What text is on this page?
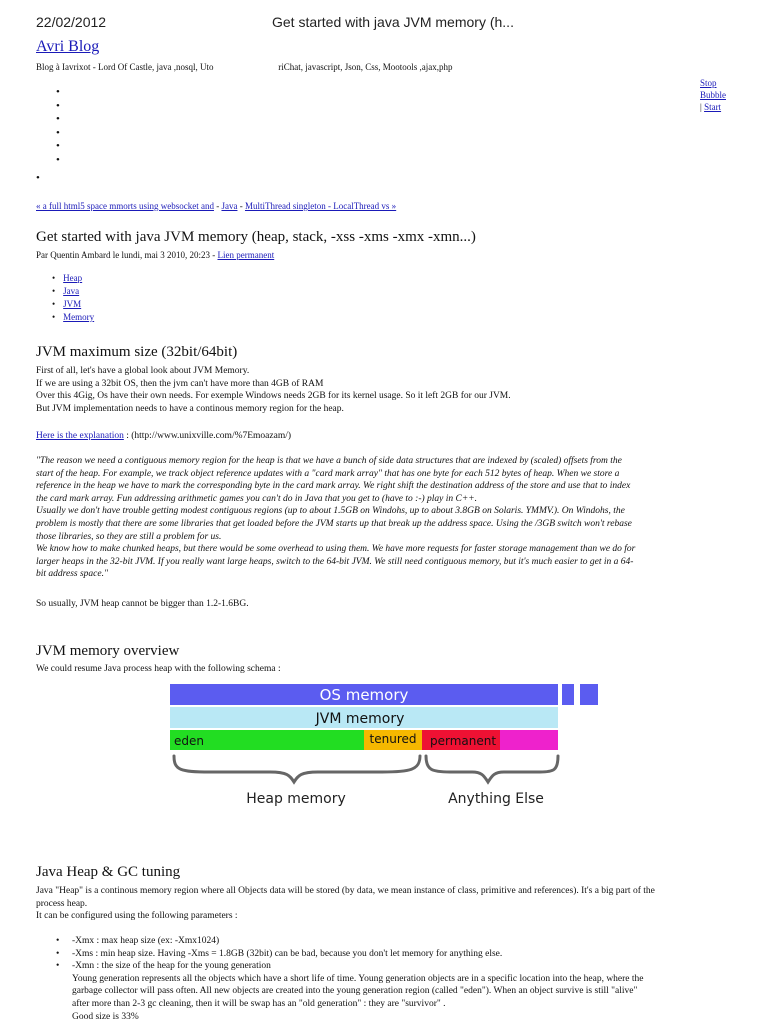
22/02/2012	Get started with java JVM memory (h...
Avri Blog
Blog à Iavrixot - Lord Of Castle, java ,nosql, Uto	riChat, javascript, Json, Css, Mootools ,ajax,php
Stop
Bubble
| Start
•
•
•
•
•
•
•
« a full html5 space mmorts using websocket and - Java - MultiThread singleton - LocalThread vs »
Get started with java JVM memory (heap, stack, -xss -xms -xmx -xmn...)
Par Quentin Ambard le lundi, mai 3 2010, 20:23 - Lien permanent
• Heap
• Java
• JVM
• Memory
JVM maximum size (32bit/64bit)
First of all, let's have a global look about JVM Memory.
If we are using a 32bit OS, then the jvm can't have more than 4GB of RAM
Over this 4Gig, Os have their own needs. For exemple Windows needs 2GB for its kernel usage. So it left 2GB for our JVM.
But JVM implementation needs to have a continous memory region for the heap.
Here is the explanation : (http://www.unixville.com/%7Emoazam/)
"The reason we need a contiguous memory region for the heap is that we have a bunch of side data structures that are indexed by (scaled) offsets from the
start of the heap. For example, we track object reference updates with a "card mark array" that has one byte for each 512 bytes of heap. When we store a
reference in the heap we have to mark the corresponding byte in the card mark array. We right shift the destination address of the store and use that to index
the card mark array. Fun addressing arithmetic games you can't do in Java that you get to (have to :-) play in C++.
Usually we don't have trouble getting modest contiguous regions (up to about 1.5GB on Windohs, up to about 3.8GB on Solaris. YMMV.). On Windohs, the
problem is mostly that there are some libraries that get loaded before the JVM starts up that break up the address space. Using the /3GB switch won't rebase
those libraries, so they are still a problem for us.
We know how to make chunked heaps, but there would be some overhead to using them. We have more requests for faster storage management than we do for
larger heaps in the 32-bit JVM. If you really want large heaps, switch to the 64-bit JVM. We still need contiguous memory, but it's much easier to get in a 64-
bit address space."
So usually, JVM heap cannot be bigger than 1.2-1.6BG.
JVM memory overview
We could resume Java process heap with the following schema :
OS memory
JVM memory
eden	tenured permanent
Heap memory	Anything Else
Java Heap & GC tuning
Java "Heap" is a continous memory region where all Objects data will be stored (by data, we mean instance of class, primitive and references). It's a big part of the
process heap.
It can be configured using the following parameters :
• -Xmx : max heap size (ex: -Xmx1024)
• -Xms : min heap size. Having -Xms = 1.8GB (32bit) can be bad, because you don't let memory for anything else.
• -Xmn : the size of the heap for the young generation
Young generation represents all the objects which have a short life of time. Young generation objects are in a specific location into the heap, where the
garbage collector will pass often. All new objects are created into the young generation region (called "eden"). When an object survive is still "alive"
after more than 2-3 gc cleaning, then it will be swap has an "old generation" : they are "survivor" .
Good size is 33%
